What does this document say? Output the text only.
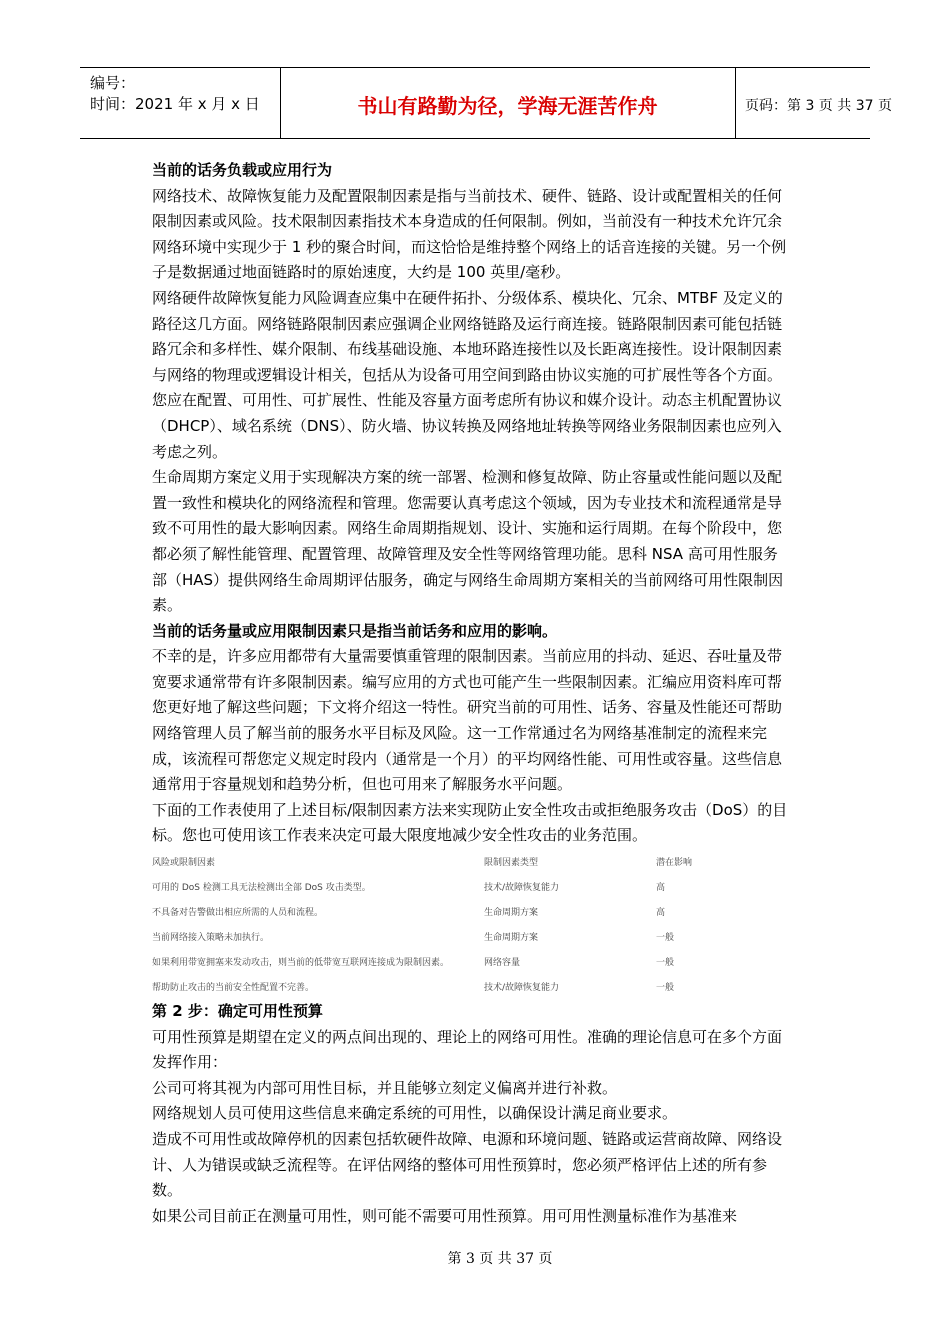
编号：
时间：2021 年 x 月 x 日	书山有路勤为径，学海无涯苦作舟	页码：第 3 页 共 37 页

当前的话务负载或应用行为

网络技术、故障恢复能力及配置限制因素是指与当前技术、硬件、链路、设计或配置相关的任何限制因素或风险。技术限制因素指技术本身造成的任何限制。例如，当前没有一种技术允许冗余网络环境中实现少于 1 秒的聚合时间，而这恰恰是维持整个网络上的话音连接的关键。另一个例子是数据通过地面链路时的原始速度，大约是 100 英里/毫秒。

网络硬件故障恢复能力风险调查应集中在硬件拓扑、分级体系、模块化、冗余、MTBF 及定义的路径这几方面。网络链路限制因素应强调企业网络链路及运行商连接。链路限制因素可能包括链路冗余和多样性、媒介限制、布线基础设施、本地环路连接性以及长距离连接性。设计限制因素与网络的物理或逻辑设计相关，包括从为设备可用空间到路由协议实施的可扩展性等各个方面。您应在配置、可用性、可扩展性、性能及容量方面考虑所有协议和媒介设计。动态主机配置协议（DHCP）、域名系统（DNS）、防火墙、协议转换及网络地址转换等网络业务限制因素也应列入考虑之列。

生命周期方案定义用于实现解决方案的统一部署、检测和修复故障、防止容量或性能问题以及配置一致性和模块化的网络流程和管理。您需要认真考虑这个领域，因为专业技术和流程通常是导致不可用性的最大影响因素。网络生命周期指规划、设计、实施和运行周期。在每个阶段中，您都必须了解性能管理、配置管理、故障管理及安全性等网络管理功能。思科 NSA 高可用性服务部（HAS）提供网络生命周期评估服务，确定与网络生命周期方案相关的当前网络可用性限制因素。

当前的话务量或应用限制因素只是指当前话务和应用的影响。

不幸的是，许多应用都带有大量需要慎重管理的限制因素。当前应用的抖动、延迟、吞吐量及带宽要求通常带有许多限制因素。编写应用的方式也可能产生一些限制因素。汇编应用资料库可帮您更好地了解这些问题；下文将介绍这一特性。研究当前的可用性、话务、容量及性能还可帮助网络管理人员了解当前的服务水平目标及风险。这一工作常通过名为网络基准制定的流程来完成，该流程可帮您定义规定时段内（通常是一个月）的平均网络性能、可用性或容量。这些信息通常用于容量规划和趋势分析，但也可用来了解服务水平问题。

下面的工作表使用了上述目标/限制因素方法来实现防止安全性攻击或拒绝服务攻击（DoS）的目标。您也可使用该工作表来决定可最大限度地减少安全性攻击的业务范围。

风险或限制因素	限制因素类型	潜在影响
可用的 DoS 检测工具无法检测出全部 DoS 攻击类型。	技术/故障恢复能力	高
不具备对告警做出相应所需的人员和流程。	生命周期方案	高
当前网络接入策略未加执行。	生命周期方案	一般
如果利用带宽拥塞来发动攻击，则当前的低带宽互联网连接成为限制因素。	网络容量	一般
帮助防止攻击的当前安全性配置不完善。	技术/故障恢复能力	一般

第 2 步：确定可用性预算

可用性预算是期望在定义的两点间出现的、理论上的网络可用性。准确的理论信息可在多个方面发挥作用：

公司可将其视为内部可用性目标，并且能够立刻定义偏离并进行补救。

网络规划人员可使用这些信息来确定系统的可用性，以确保设计满足商业要求。

造成不可用性或故障停机的因素包括软硬件故障、电源和环境问题、链路或运营商故障、网络设计、人为错误或缺乏流程等。在评估网络的整体可用性预算时，您必须严格评估上述的所有参数。

如果公司目前正在测量可用性，则可能不需要可用性预算。用可用性测量标准作为基准来

第 3 页 共 37 页
